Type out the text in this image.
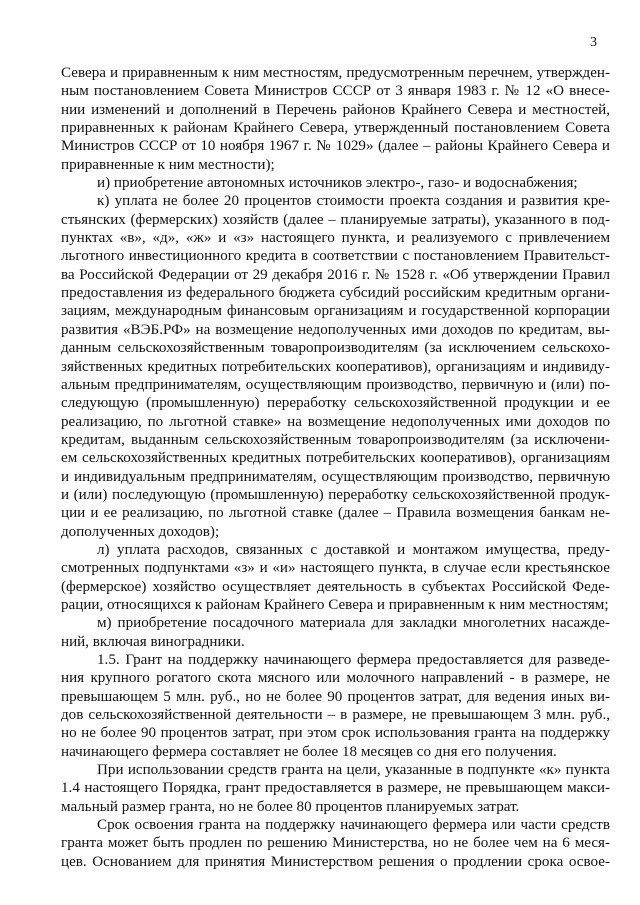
3
Севера и приравненным к ним местностям, предусмотренным перечнем, утвержден-
ным постановлением Совета Министров СССР от 3 января 1983 г. № 12 «О внесе-
нии изменений и дополнений в Перечень районов Крайнего Севера и местностей,
приравненных к районам Крайнего Севера, утвержденный постановлением Совета
Министров СССР от 10 ноября 1967 г. № 1029» (далее – районы Крайнего Севера и
приравненные к ним местности);
и) приобретение автономных источников электро-, газо- и водоснабжения;
к) уплата не более 20 процентов стоимости проекта создания и развития кре-
стьянских (фермерских) хозяйств (далее – планируемые затраты), указанного в под-
пунктах «в», «д», «ж» и «з» настоящего пункта, и реализуемого с привлечением
льготного инвестиционного кредита в соответствии с постановлением Правительст-
ва Российской Федерации от 29 декабря 2016 г. № 1528 г. «Об утверждении Правил
предоставления из федерального бюджета субсидий российским кредитным органи-
зациям, международным финансовым организациям и государственной корпорации
развития «ВЭБ.РФ» на возмещение недополученных ими доходов по кредитам, вы-
данным сельскохозяйственным товаропроизводителям (за исключением сельскохо-
зяйственных кредитных потребительских кооперативов), организациям и индивиду-
альным предпринимателям, осуществляющим производство, первичную и (или) по-
следующую (промышленную) переработку сельскохозяйственной продукции и ее
реализацию, по льготной ставке» на возмещение недополученных ими доходов по
кредитам, выданным сельскохозяйственным товаропроизводителям (за исключени-
ем сельскохозяйственных кредитных потребительских кооперативов), организациям
и индивидуальным предпринимателям, осуществляющим производство, первичную
и (или) последующую (промышленную) переработку сельскохозяйственной продук-
ции и ее реализацию, по льготной ставке (далее – Правила возмещения банкам не-
дополученных доходов);
л) уплата расходов, связанных с доставкой и монтажом имущества, преду-
смотренных подпунктами «з» и «и» настоящего пункта, в случае если крестьянское
(фермерское) хозяйство осуществляет деятельность в субъектах Российской Феде-
рации, относящихся к районам Крайнего Севера и приравненным к ним местностям;
м) приобретение посадочного материала для закладки многолетних насажде-
ний, включая виноградники.
1.5. Грант на поддержку начинающего фермера предоставляется для разведе-
ния крупного рогатого скота мясного или молочного направлений - в размере, не
превышающем 5 млн. руб., но не более 90 процентов затрат, для ведения иных ви-
дов сельскохозяйственной деятельности – в размере, не превышающем 3 млн. руб.,
но не более 90 процентов затрат, при этом срок использования гранта на поддержку
начинающего фермера составляет не более 18 месяцев со дня его получения.
При использовании средств гранта на цели, указанные в подпункте «к» пункта
1.4 настоящего Порядка, грант предоставляется в размере, не превышающем макси-
мальный размер гранта, но не более 80 процентов планируемых затрат.
Срок освоения гранта на поддержку начинающего фермера или части средств
гранта может быть продлен по решению Министерства, но не более чем на 6 меся-
цев. Основанием для принятия Министерством решения о продлении срока освое-
